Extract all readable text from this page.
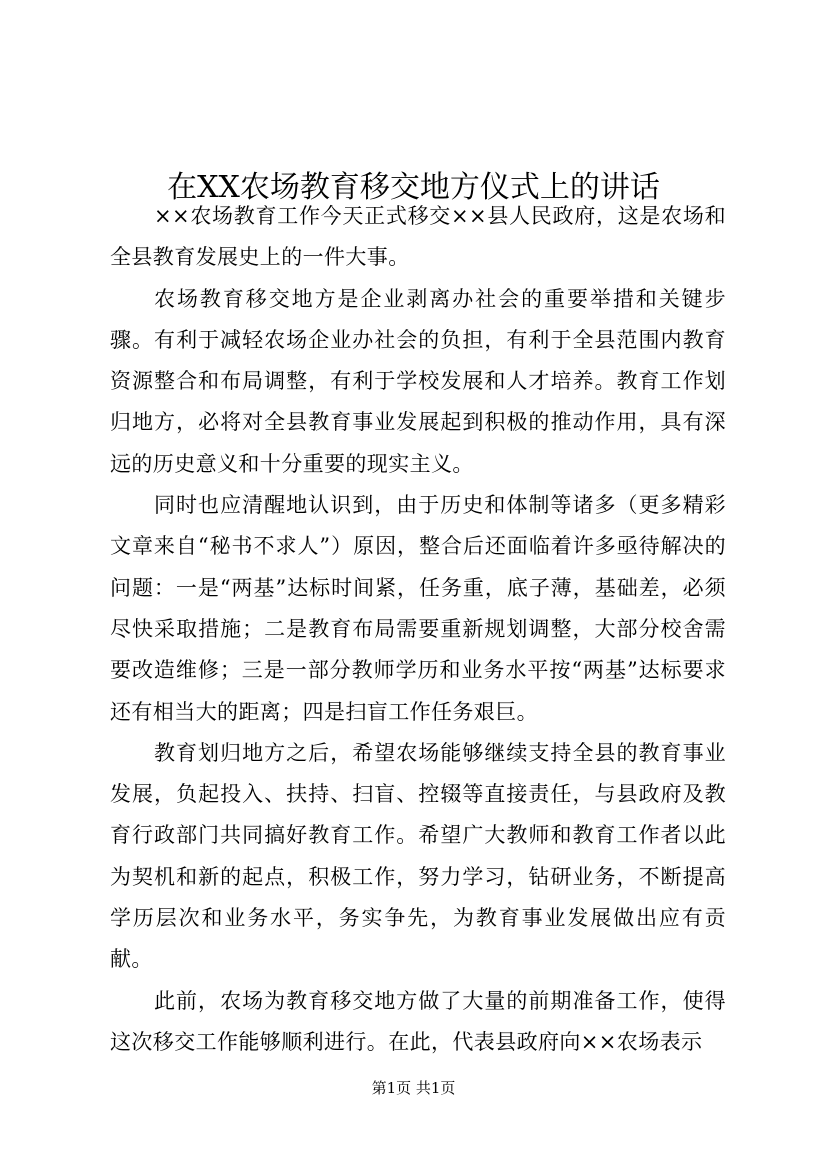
在XX农场教育移交地方仪式上的讲话

××农场教育工作今天正式移交××县人民政府，这是农场和全县教育发展史上的一件大事。

农场教育移交地方是企业剥离办社会的重要举措和关键步骤。有利于减轻农场企业办社会的负担，有利于全县范围内教育资源整合和布局调整，有利于学校发展和人才培养。教育工作划归地方，必将对全县教育事业发展起到积极的推动作用，具有深远的历史意义和十分重要的现实主义。

同时也应清醒地认识到，由于历史和体制等诸多（更多精彩文章来自“秘书不求人”）原因，整合后还面临着许多亟待解决的问题：一是“两基”达标时间紧，任务重，底子薄，基础差，必须尽快采取措施；二是教育布局需要重新规划调整，大部分校舍需要改造维修；三是一部分教师学历和业务水平按“两基”达标要求还有相当大的距离；四是扫盲工作任务艰巨。

教育划归地方之后，希望农场能够继续支持全县的教育事业发展，负起投入、扶持、扫盲、控辍等直接责任，与县政府及教育行政部门共同搞好教育工作。希望广大教师和教育工作者以此为契机和新的起点，积极工作，努力学习，钻研业务，不断提高学历层次和业务水平，务实争先，为教育事业发展做出应有贡献。

此前，农场为教育移交地方做了大量的前期准备工作，使得这次移交工作能够顺利进行。在此，代表县政府向××农场表示

第1页 共1页
